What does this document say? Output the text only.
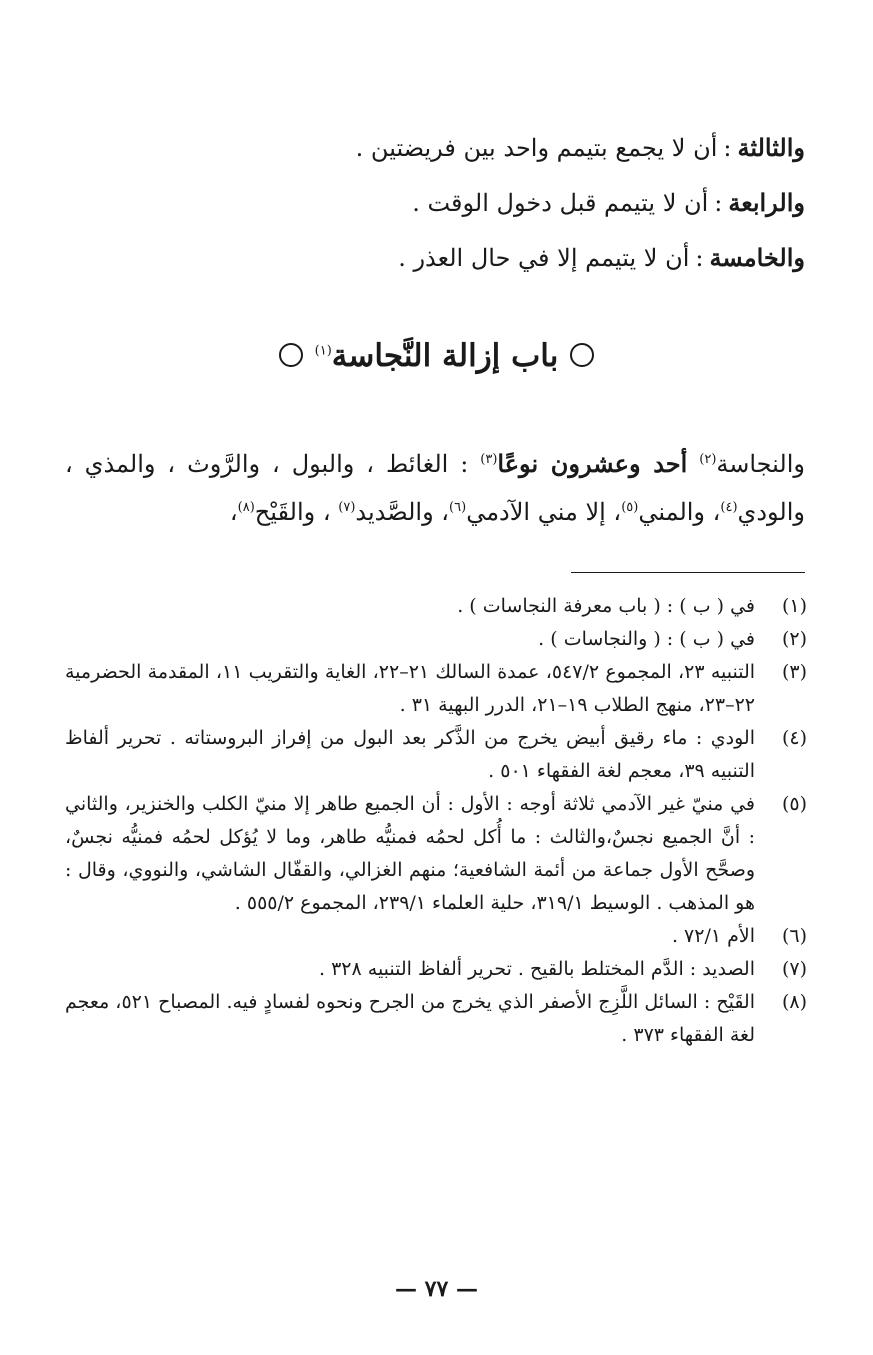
والثالثة:أن لا يجمع بتيمم واحد بين فريضتين .
والرابعة:أن لا يتيمم قبل دخول الوقت .
والخامسة:أن لا يتيمم إلا في حال العذر .
باب إزالة النَّجاسة$^{(١)}$
والنجاسة$^{(٢)}$ أحد وعشرون نوعًا$^{(٣)}$ : الغائط ، والبول ، والرَّوث ، والمذي ، والودي$^{(٤)}$، والمني$^{(٥)}$، إلا مني الآدمي$^{(٦)}$، والصَّديد$^{(٧)}$ ، والقَيْح$^{(٨)}$،
(١)
في ( ب ) : ( باب معرفة النجاسات ) .
(٢)
في ( ب ) : ( والنجاسات ) .
(٣)
التنبيه ٢٣، المجموع ٥٤٧/٢، عمدة السالك ٢١–٢٢، الغاية والتقريب ١١، المقدمة الحضرمية ٢٢–٢٣، منهج الطلاب ١٩–٢١، الدرر البهية ٣١ .
(٤)
الودي : ماء رقيق أبيض يخرج من الذَّكر بعد البول من إفراز البروستاته . تحرير ألفاظ التنبيه ٣٩، معجم لغة الفقهاء ٥٠١ .
(٥)
في منيّ غير الآدمي ثلاثة أوجه : الأول : أن الجميع طاهر إلا منيّ الكلب والخنزير، والثاني : أنَّ الجميع نجسٌ،والثالث : ما أُكل لحمُه فمنيُّه طاهر، وما لا يُؤكل لحمُه فمنيُّه نجسٌ، وصحَّح الأول جماعة من أئمة الشافعية؛ منهم الغزالي، والقفّال الشاشي، والنووي، وقال : هو المذهب . الوسيط ٣١٩/١، حلية العلماء ٢٣٩/١، المجموع ٥٥٥/٢ .
(٦)
الأم ٧٢/١ .
(٧)
الصديد : الدَّم المختلط بالقيح . تحرير ألفاظ التنبيه ٣٢٨ .
(٨)
القَيْح : السائل اللَّزِج الأصفر الذي يخرج من الجرح ونحوه لفسادٍ فيه. المصباح ٥٢١، معجم لغة الفقهاء ٣٧٣ .
— ٧٧ —
